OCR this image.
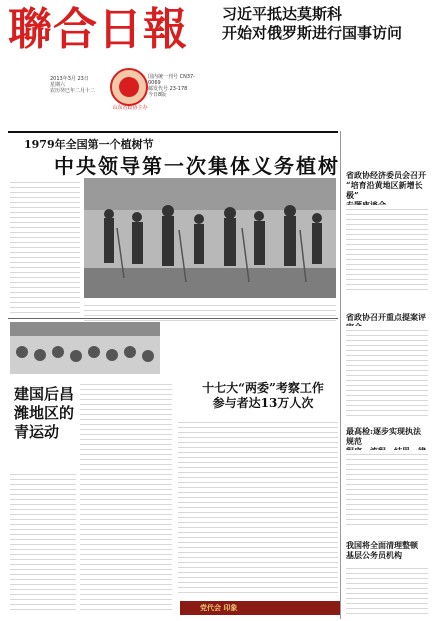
聯合日報
2013年3月 23日
星期六
农历癸巳年二月十二
山东省政协主办
国内统一刊号 CN37-0069
邮发代号 23-178
今日8版
习近平抵达莫斯科
开始对俄罗斯进行国事访问
1979年全国第一个植树节
中央领导第一次集体义务植树 省政协经济委员会召开
“培育沿黄地区新增长极”
省政协召开重点提案评
最高检:逐步实现执法规范
我国将全面清理整顿
基层公务员机构
建国后昌
潍地区的
青运动
十七大“两委”考察工作
参与者达13万人次
党代会 印象
